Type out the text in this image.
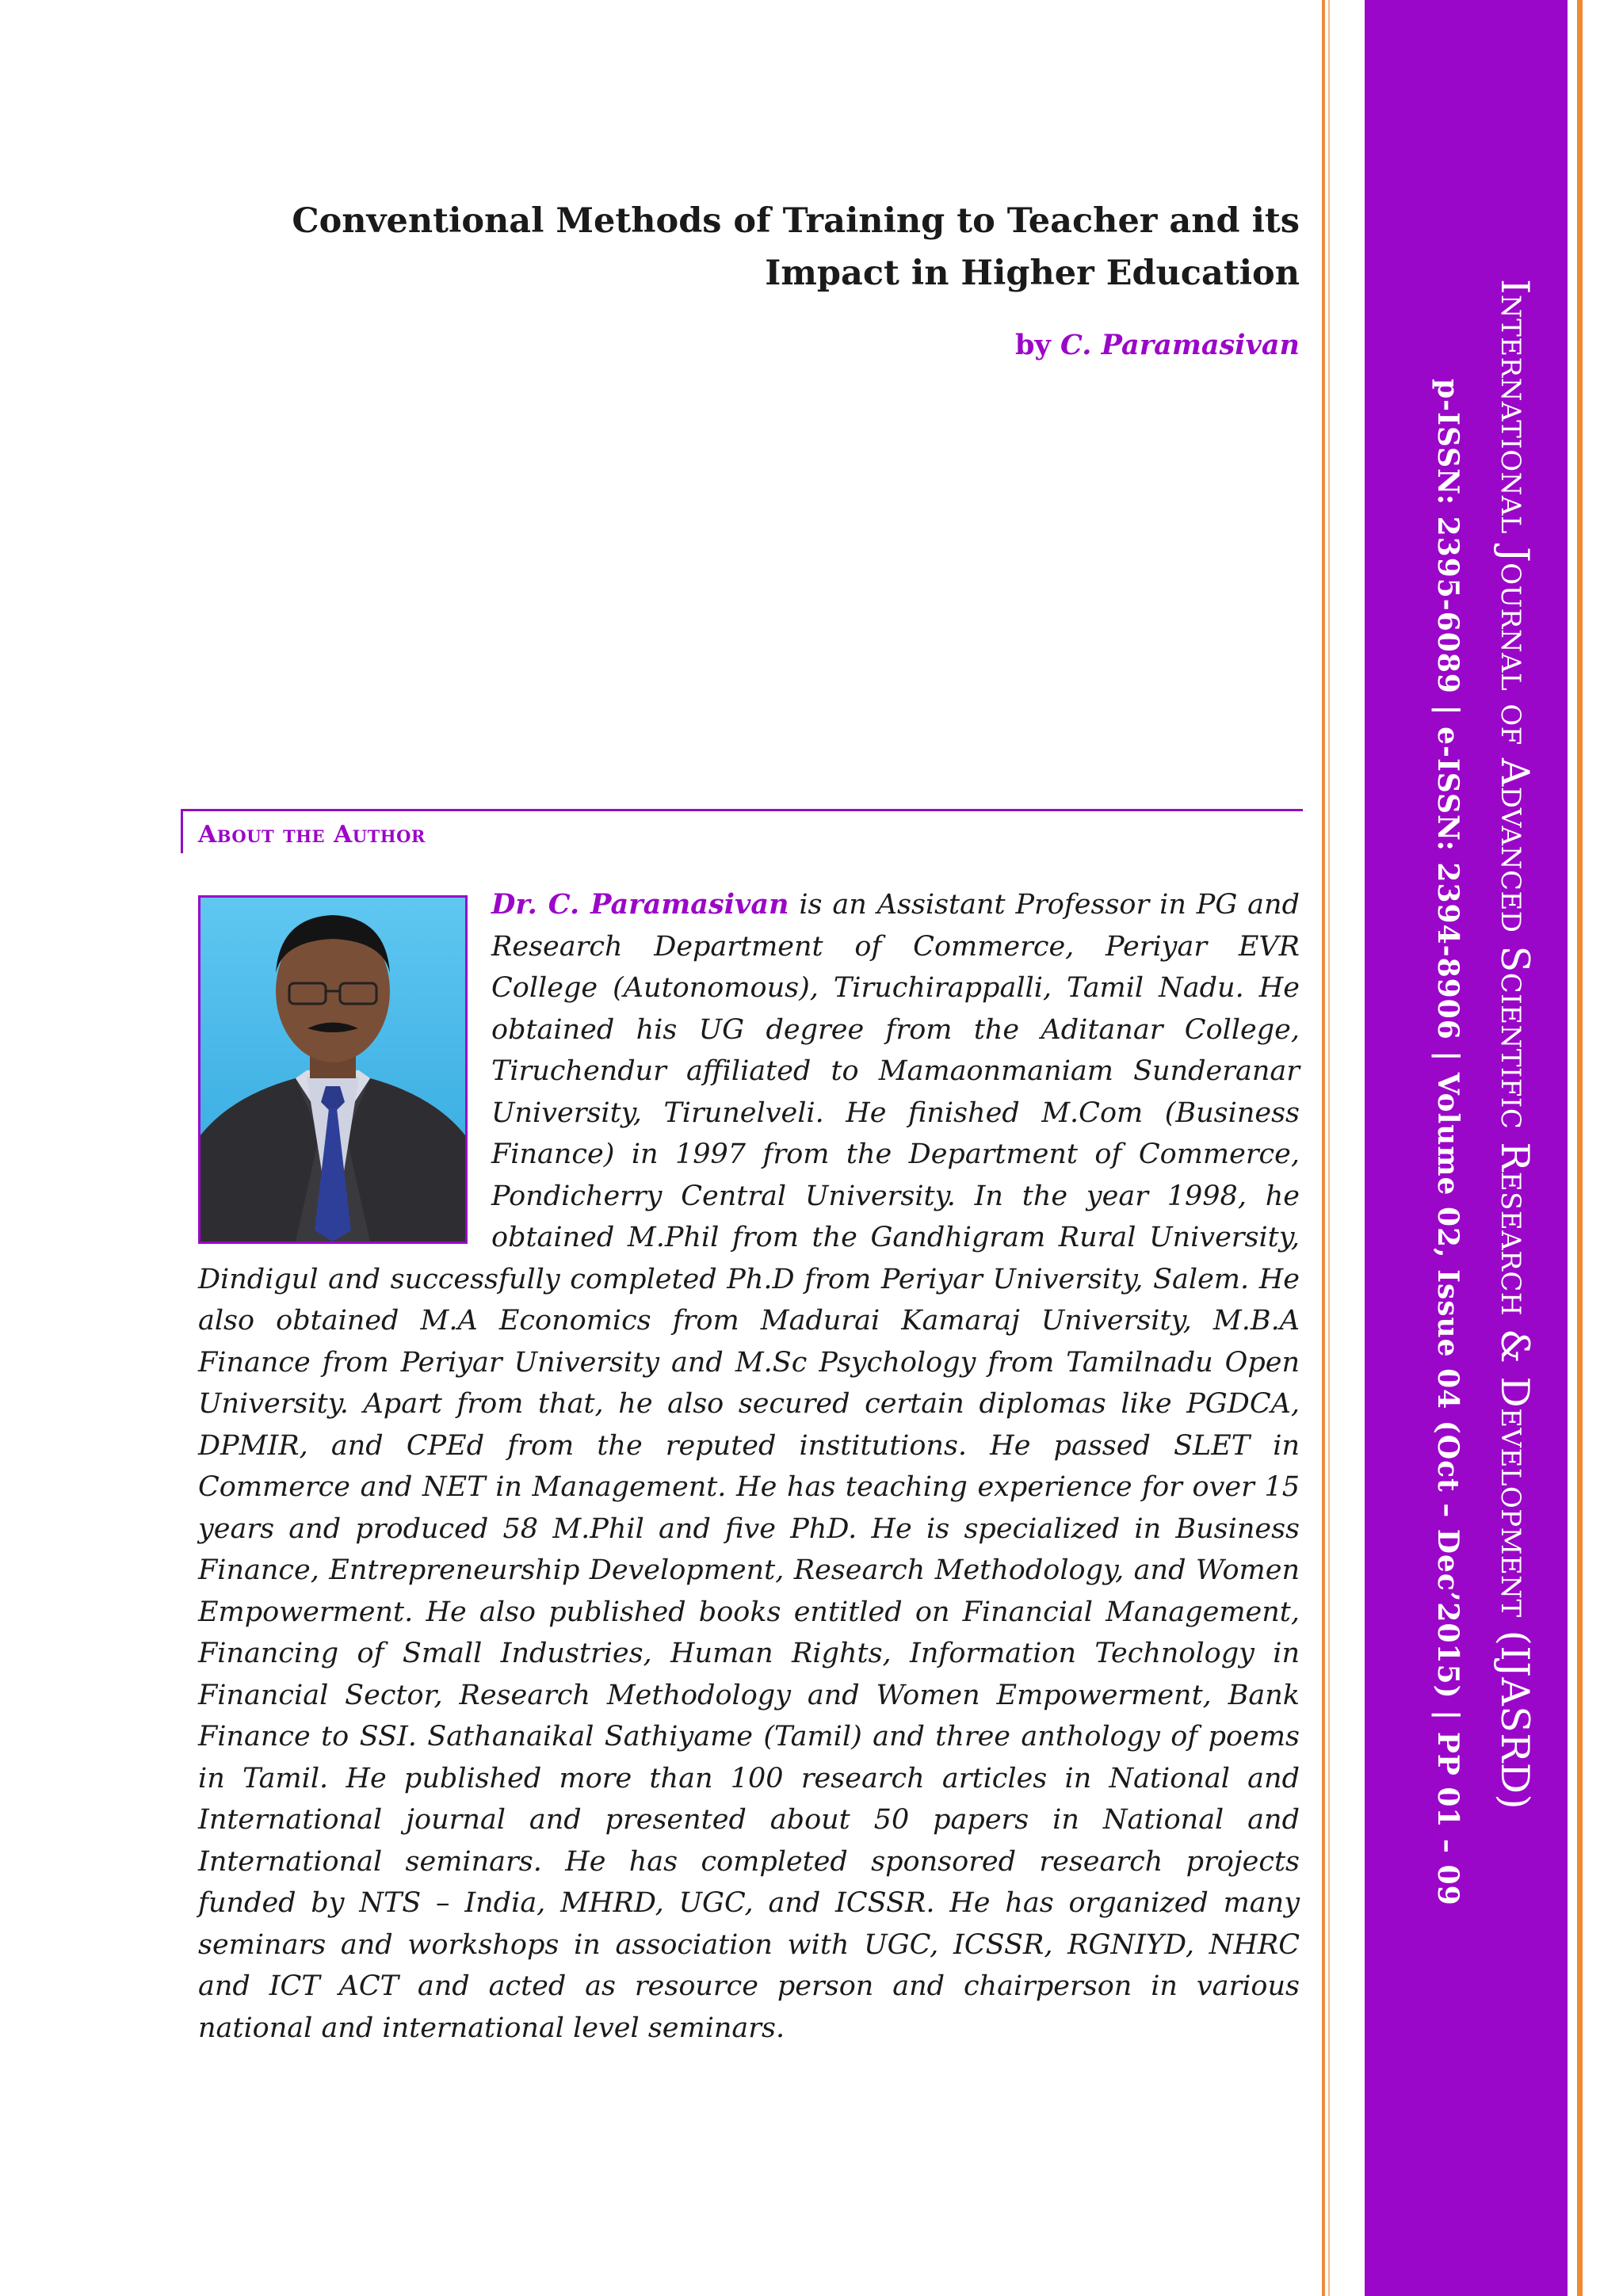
International Journal of Advanced Scientific Research & Development (IJASRD)
p-ISSN: 2395-6089 | e-ISSN: 2394-8906 | Volume 02, Issue 04 (Oct – Dec’2015) | PP 01 – 09
Conventional Methods of Training to Teacher and its
Impact in Higher Education
by C. Paramasivan
About the Author
Dr. C. Paramasivan is an Assistant Professor in PG and Research Department of Commerce, Periyar EVR College (Autonomous), Tiruchirappalli, Tamil Nadu. He obtained his UG degree from the Aditanar College, Tiruchendur affiliated to Mamaonmaniam Sunderanar University, Tirunelveli. He finished M.Com (Business Finance) in 1997 from the Department of Commerce, Pondicherry Central University. In the year 1998, he obtained M.Phil from the Gandhigram Rural University, Dindigul and successfully completed Ph.D from Periyar University, Salem. He also obtained M.A Economics from Madurai Kamaraj University, M.B.A Finance from Periyar University and M.Sc Psychology from Tamilnadu Open University. Apart from that, he also secured certain diplomas like PGDCA, DPMIR, and CPEd from the reputed institutions. He passed SLET in Commerce and NET in Management. He has teaching experience for over 15 years and produced 58 M.Phil and five PhD. He is specialized in Business Finance, Entrepreneurship Development, Research Methodology, and Women Empowerment. He also published books entitled on Financial Management, Financing of Small Industries, Human Rights, Information Technology in Financial Sector, Research Methodology and Women Empowerment, Bank Finance to SSI. Sathanaikal Sathiyame (Tamil) and three anthology of poems in Tamil. He published more than 100 research articles in National and International journal and presented about 50 papers in National and International seminars. He has completed sponsored research projects funded by NTS – India, MHRD, UGC, and ICSSR. He has organized many seminars and workshops in association with UGC, ICSSR, RGNIYD, NHRC and ICT ACT and acted as resource person and chairperson in various national and international level seminars.
